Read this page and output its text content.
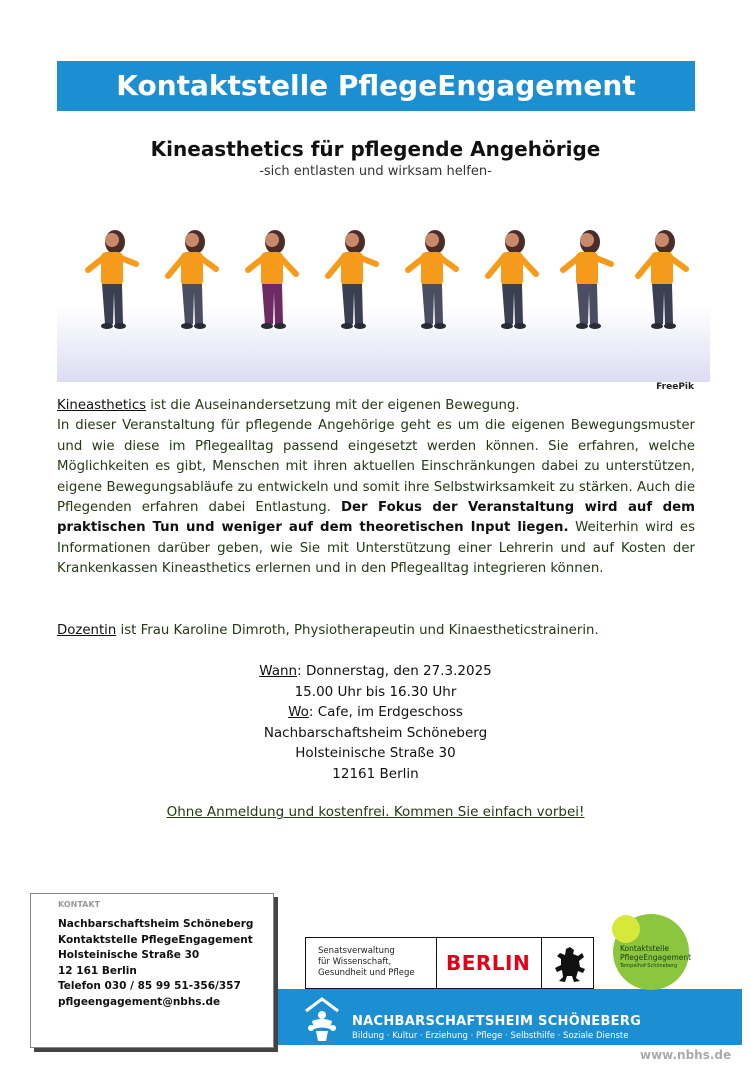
Kontaktstelle PflegeEngagement
Kineasthetics für pflegende Angehörige
-sich entlasten und wirksam helfen-
FreePik

Kineasthetics ist die Auseinandersetzung mit der eigenen Bewegung.

In dieser Veranstaltung für pflegende Angehörige geht es um die eigenen Bewegungsmuster und wie diese im Pflegealltag passend eingesetzt werden können. Sie erfahren, welche Möglichkeiten es gibt, Menschen mit ihren aktuellen Einschränkungen dabei zu unterstützen, eigene Bewegungsabläufe zu entwickeln und somit ihre Selbstwirksamkeit zu stärken. Auch die Pflegenden erfahren dabei Entlastung. Der Fokus der Veranstaltung wird auf dem praktischen Tun und weniger auf dem theoretischen Input liegen. Weiterhin wird es Informationen darüber geben, wie Sie mit Unterstützung einer Lehrerin und auf Kosten der Krankenkassen Kineasthetics erlernen und in den Pflegealltag integrieren können.

Dozentin ist Frau Karoline Dimroth, Physiotherapeutin und Kinaestheticstrainerin.
Wann: Donnerstag, den 27.3.2025
15.00 Uhr bis 16.30 Uhr
Wo: Cafe, im Erdgeschoss
Nachbarschaftsheim Schöneberg
Holsteinische Straße 30
12161 Berlin
Ohne Anmeldung und kostenfrei. Kommen Sie einfach vorbei!
NACHBARSCHAFTSHEIM SCHÖNEBERG
Bildung · Kultur · Erziehung · Pflege · Selbsthilfe · Soziale Dienste
www.nbhs.de
KONTAKT
Nachbarschaftsheim Schöneberg
Kontaktstelle PflegeEngagement
Holsteinische Straße 30
12 161 Berlin
Telefon 030 / 85 99 51-356/357
pflgeengagement@nbhs.de
Senatsverwaltung
für Wissenschaft,
Gesundheit und Pflege BERLIN
Kontaktstelle
PflegeEngagement
Tempelhof-Schöneberg
